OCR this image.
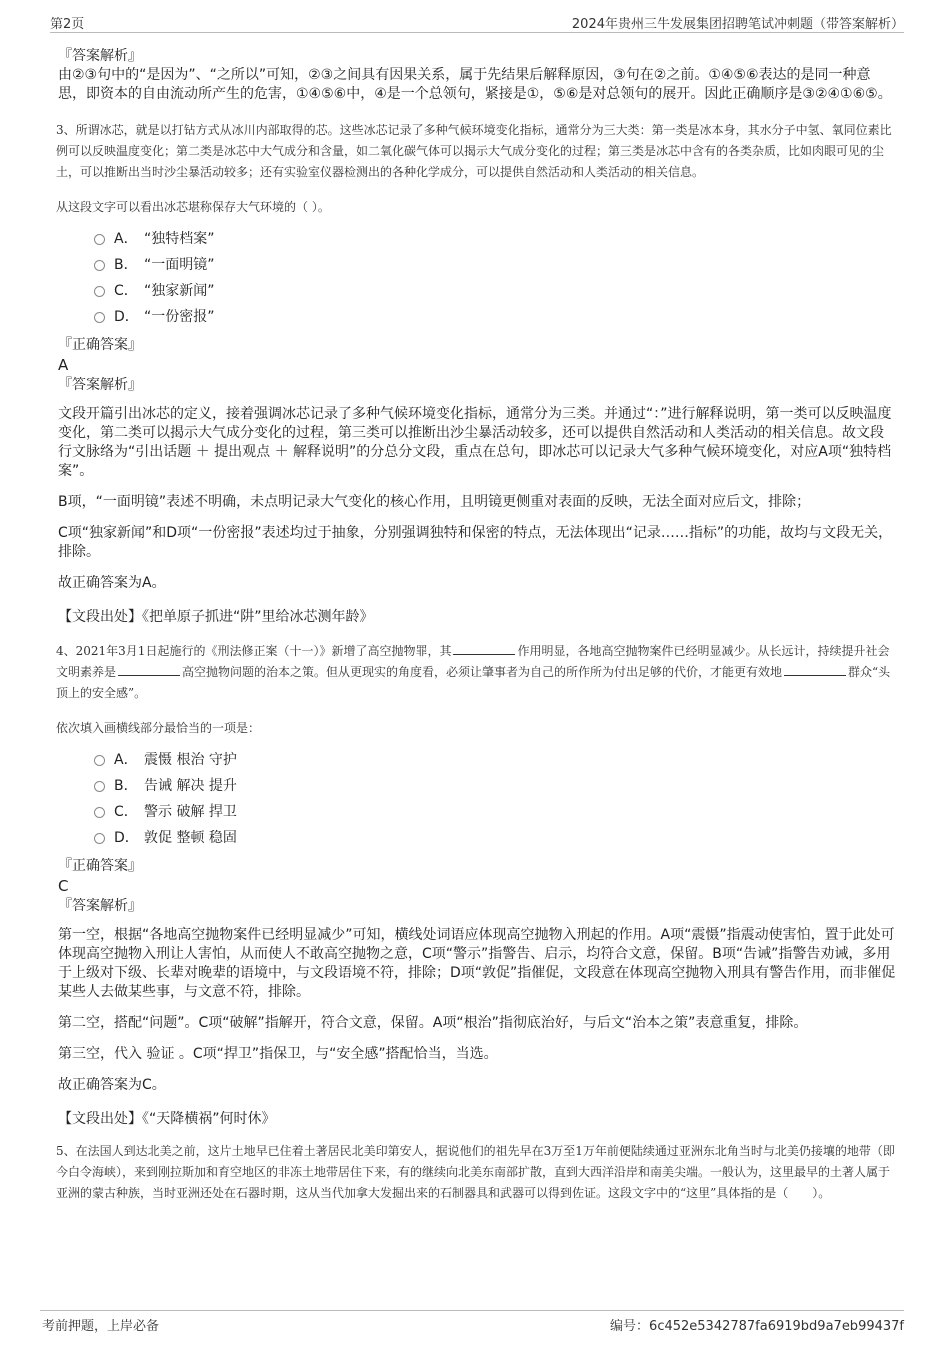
第2页	2024年贵州三牛发展集团招聘笔试冲刺题（带答案解析）
『答案解析』

由②③句中的“是因为”、“之所以”可知，②③之间具有因果关系，属于先结果后解释原因，③句在②之前。①④⑤⑥表达的是同一种意思，即资本的自由流动所产生的危害，①④⑤⑥中，④是一个总领句，紧接是①，⑤⑥是对总领句的展开。因此正确顺序是③②④①⑥⑤。

3、所谓冰芯，就是以打钻方式从冰川内部取得的芯。这些冰芯记录了多种气候环境变化指标，通常分为三大类：第一类是冰本身，其水分子中氢、氧同位素比例可以反映温度变化；第二类是冰芯中大气成分和含量，如二氧化碳气体可以揭示大气成分变化的过程；第三类是冰芯中含有的各类杂质，比如肉眼可见的尘土，可以推断出当时沙尘暴活动较多；还有实验室仪器检测出的各种化学成分，可以提供自然活动和人类活动的相关信息。

从这段文字可以看出冰芯堪称保存大气环境的（ ）。

A． “独特档案”
B． “一面明镜”
C． “独家新闻”
D． “一份密报”
『正确答案』
A
『答案解析』

文段开篇引出冰芯的定义，接着强调冰芯记录了多种气候环境变化指标，通常分为三类。并通过“：”进行解释说明，第一类可以反映温度变化，第二类可以揭示大气成分变化的过程，第三类可以推断出沙尘暴活动较多，还可以提供自然活动和人类活动的相关信息。故文段行文脉络为“引出话题 ＋ 提出观点 ＋ 解释说明”的分总分文段，重点在总句，即冰芯可以记录大气多种气候环境变化，对应A项“独特档案”。

B项，“一面明镜”表述不明确，未点明记录大气变化的核心作用，且明镜更侧重对表面的反映，无法全面对应后文，排除；

C项“独家新闻”和D项“一份密报”表述均过于抽象，分别强调独特和保密的特点，无法体现出“记录……指标”的功能，故均与文段无关，排除。

故正确答案为A。

【文段出处】《把单原子抓进“阱”里给冰芯测年龄》

4、2021年3月1日起施行的《刑法修正案（十一）》新增了高空抛物罪，其	作用明显，各地高空抛物案件已经明显减少。从长远计，持续提升社会文明素养是	高空抛物问题的治本之策。但从更现实的角度看，必须让肇事者为自己的所作所为付出足够的代价，才能更有效地	群众“头顶上的安全感”。

依次填入画横线部分最恰当的一项是：

A． 震慑 根治 守护
B． 告诫 解决 提升
C． 警示 破解 捍卫
D． 敦促 整顿 稳固
『正确答案』
C
『答案解析』

第一空，根据“各地高空抛物案件已经明显减少”可知，横线处词语应体现高空抛物入刑起的作用。A项“震慑”指震动使害怕，置于此处可体现高空抛物入刑让人害怕，从而使人不敢高空抛物之意，C项“警示”指警告、启示，均符合文意，保留。B项“告诫”指警告劝诫，多用于上级对下级、长辈对晚辈的语境中，与文段语境不符，排除；D项“敦促”指催促，文段意在体现高空抛物入刑具有警告作用，而非催促某些人去做某些事，与文意不符，排除。

第二空，搭配“问题”。C项“破解”指解开，符合文意，保留。A项“根治”指彻底治好，与后文“治本之策”表意重复，排除。

第三空，代入 验证 。C项“捍卫”指保卫，与“安全感”搭配恰当，当选。

故正确答案为C。

【文段出处】《“天降横祸”何时休》

5、在法国人到达北美之前，这片土地早已住着土著居民北美印第安人，据说他们的祖先早在3万至1万年前便陆续通过亚洲东北角当时与北美仍接壤的地带（即今白令海峡），来到刚拉斯加和育空地区的非冻土地带居住下来，有的继续向北美东南部扩散，直到大西洋沿岸和南美尖端。一般认为，这里最早的土著人属于亚洲的蒙古种族，当时亚洲还处在石器时期，这从当代加拿大发掘出来的石制器具和武器可以得到佐证。这段文字中的“这里”具体指的是（　　）。

考前押题，上岸必备	编号：6c452e5342787fa6919bd9a7eb99437f
